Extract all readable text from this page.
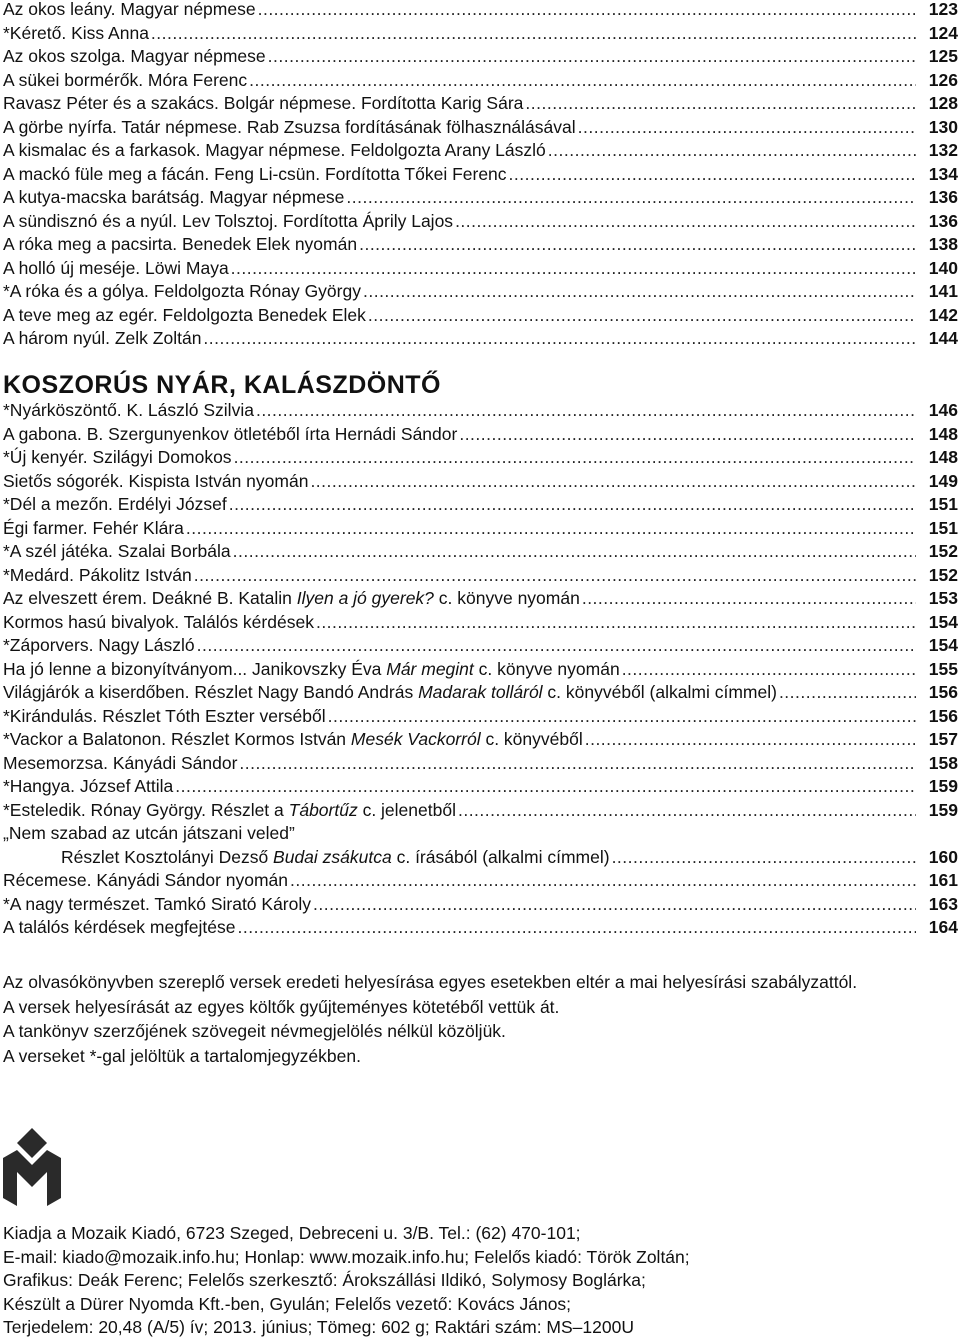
Az okos leány. Magyar népmese .....	123
*Kérető. Kiss Anna .....	124
Az okos szolga. Magyar népmese .....	125
A sükei bormérők. Móra Ferenc .....	126
Ravasz Péter és a szakács. Bolgár népmese. Fordította Karig Sára .....	128
A görbe nyírfa. Tatár népmese. Rab Zsuzsa fordításának fölhasználásával .....	130
A kismalac és a farkasok. Magyar népmese. Feldolgozta Arany László .....	132
A mackó füle meg a fácán. Feng Li-csün. Fordította Tőkei Ferenc .....	134
A kutya-macska barátság. Magyar népmese .....	136
A sündisznó és a nyúl. Lev Tolsztoj. Fordította Áprily Lajos .....	136
A róka meg a pacsirta. Benedek Elek nyomán .....	138
A holló új meséje. Löwi Maya .....	140
*A róka és a gólya. Feldolgozta Rónay György .....	141
A teve meg az egér. Feldolgozta Benedek Elek .....	142
A három nyúl. Zelk Zoltán .....	144
KOSZORÚS NYÁR, KALÁSZDÖNTŐ
*Nyárköszöntő. K. László Szilvia .....	146
A gabona. B. Szergunyenkov ötletéből írta Hernádi Sándor .....	148
*Új kenyér. Szilágyi Domokos .....	148
Sietős sógorék. Kispista István nyomán .....	149
*Dél a mezőn. Erdélyi József .....	151
Égi farmer. Fehér Klára .....	151
*A szél játéka. Szalai Borbála .....	152
*Medárd. Pákolitz István .....	152
Az elveszett érem. Deákné B. Katalin Ilyen a jó gyerek? c. könyve nyomán .....	153
Kormos hasú bivalyok. Találós kérdések .....	154
*Záporvers. Nagy László .....	154
Ha jó lenne a bizonyítványom... Janikovszky Éva Már megint c. könyve nyomán .....	155
Világjárók a kiserdőben. Részlet Nagy Bandó András Madarak tolláról c. könyvéből (alkalmi címmel) .....	156
*Kirándulás. Részlet Tóth Eszter verséből .....	156
*Vackor a Balatonon. Részlet Kormos István Mesék Vackorról c. könyvéből .....	157
Mesemorzsa. Kányádi Sándor .....	158
*Hangya. József Attila .....	159
*Esteledik. Rónay György. Részlet a Tábortűz c. jelenetből .....	159
„Nem szabad az utcán játszani veled”
Részlet Kosztolányi Dezső Budai zsákutca c. írásából (alkalmi címmel) .....	160
Récemese. Kányádi Sándor nyomán .....	161
*A nagy természet. Tamkó Sirató Károly .....	163
A találós kérdések megfejtése .....	164
Az olvasókönyvben szereplő versek eredeti helyesírása egyes esetekben eltér a mai helyesírási szabályzattól.
A versek helyesírását az egyes költők gyűjteményes kötetéből vettük át.
A tankönyv szerzőjének szövegeit névmegjelölés nélkül közöljük.
A verseket *-gal jelöltük a tartalomjegyzékben.
Kiadja a Mozaik Kiadó, 6723 Szeged, Debreceni u. 3/B. Tel.: (62) 470-101;
E-mail: kiado@mozaik.info.hu; Honlap: www.mozaik.info.hu; Felelős kiadó: Török Zoltán;
Grafikus: Deák Ferenc; Felelős szerkesztő: Árokszállási Ildikó, Solymosy Boglárka;
Készült a Dürer Nyomda Kft.-ben, Gyulán; Felelős vezető: Kovács János;
Terjedelem: 20,48 (A/5) ív; 2013. június; Tömeg: 602 g; Raktári szám: MS–1200U
